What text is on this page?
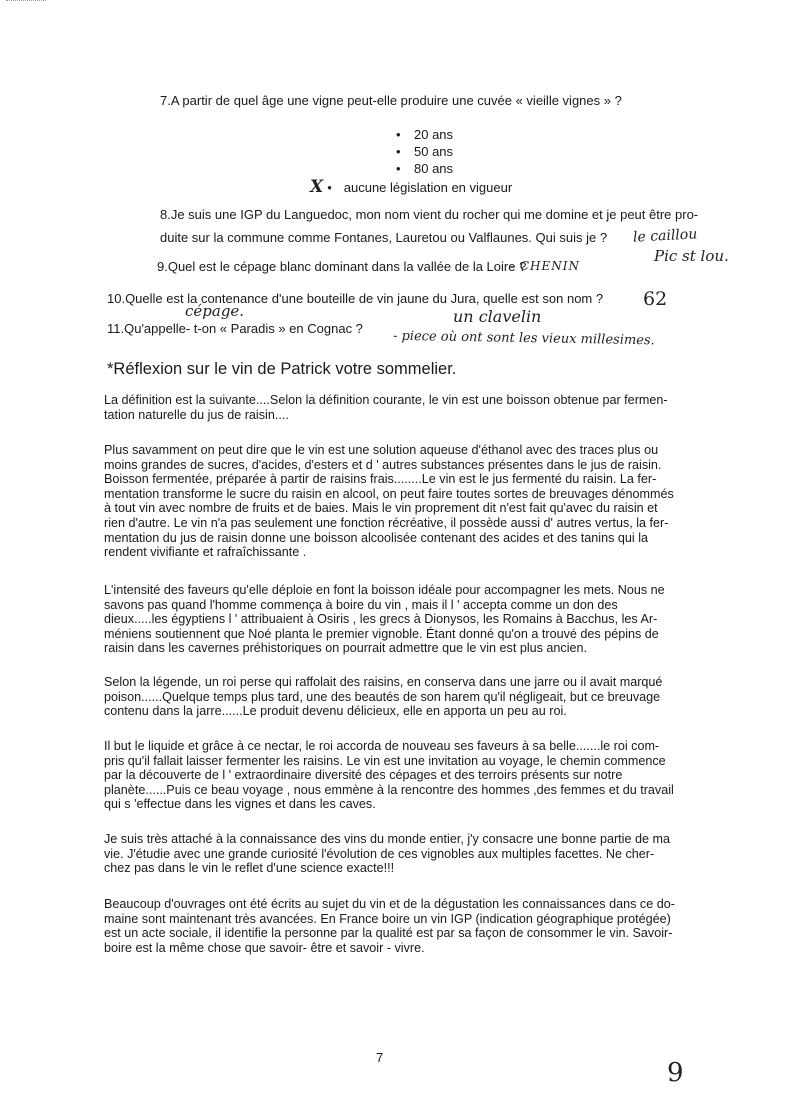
7.A partir de quel âge une vigne peut-elle produire une cuvée « vieille vignes » ?
• 20 ans
• 50 ans
• 80 ans
X • aucune législation en vigueur
8.Je suis une IGP du Languedoc, mon nom vient du rocher qui me domine et je peut être pro-
duite sur la commune comme Fontanes, Lauretou ou Valflaunes. Qui suis je ? le caillou
Pic st lou.
9.Quel est le cépage blanc dominant dans la vallée de la Loire ?
- CHENIN
cépage.
10.Quelle est la contenance d'une bouteille de vin jaune du Jura, quelle est son nom ? 62
un clavelin
11.Qu'appelle- t-on « Paradis » en Cognac ?
- piece où ont sont les vieux millesimes.
*Réflexion sur le vin de Patrick votre sommelier.
La définition est la suivante....Selon la définition courante, le vin est une boisson obtenue par fermen-
tation naturelle du jus de raisin....
Plus savamment on peut dire que le vin est une solution aqueuse d'éthanol avec des traces plus ou
moins grandes de sucres, d'acides, d'esters et d ' autres substances présentes dans le jus de raisin.
Boisson fermentée, préparée à partir de raisins frais........Le vin est le jus fermenté du raisin. La fer-
mentation transforme le sucre du raisin en alcool, on peut faire toutes sortes de breuvages dénommés
à tout vin avec nombre de fruits et de baies. Mais le vin proprement dit n'est fait qu'avec du raisin et
rien d'autre. Le vin n'a pas seulement une fonction récréative, il possède aussi d' autres vertus, la fer-
mentation du jus de raisin donne une boisson alcoolisée contenant des acides et des tanins qui la
rendent vivifiante et rafraîchissante .
L'intensité des faveurs qu'elle déploie en font la boisson idéale pour accompagner les mets. Nous ne
savons pas quand l'homme commença à boire du vin , mais il l ' accepta comme un don des
dieux.....les égyptiens l ' attribuaient à Osiris , les grecs à Dionysos, les Romains à Bacchus, les Ar-
méniens soutiennent que Noé planta le premier vignoble. Étant donné qu'on a trouvé des pépins de
raisin dans les cavernes préhistoriques on pourrait admettre que le vin est plus ancien.
Selon la légende, un roi perse qui raffolait des raisins, en conserva dans une jarre ou il avait marqué
poison......Quelque temps plus tard, une des beautés de son harem qu'il négligeait, but ce breuvage
contenu dans la jarre......Le produit devenu délicieux, elle en apporta un peu au roi.
Il but le liquide et grâce à ce nectar, le roi accorda de nouveau ses faveurs à sa belle.......le roi com-
pris qu'il fallait laisser fermenter les raisins. Le vin est une invitation au voyage, le chemin commence
par la découverte de l ' extraordinaire diversité des cépages et des terroirs présents sur notre
planète......Puis ce beau voyage , nous emmène à la rencontre des hommes ,des femmes et du travail
qui s 'effectue dans les vignes et dans les caves.
Je suis très attaché à la connaissance des vins du monde entier, j'y consacre une bonne partie de ma
vie. J'étudie avec une grande curiosité l'évolution de ces vignobles aux multiples facettes. Ne cher-
chez pas dans le vin le reflet d'une science exacte!!!
Beaucoup d'ouvrages ont été écrits au sujet du vin et de la dégustation les connaissances dans ce do-
maine sont maintenant très avancées. En France boire un vin IGP (indication géographique protégée)
est un acte sociale, il identifie la personne par la qualité est par sa façon de consommer le vin. Savoir-
boire est la même chose que savoir- être et savoir - vivre.
7
9
